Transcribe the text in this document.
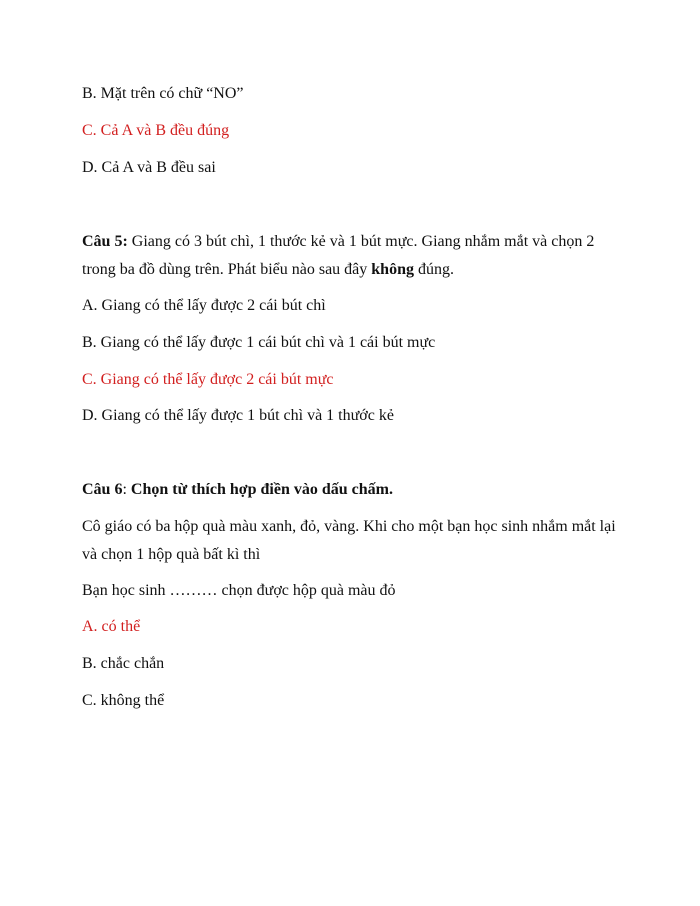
B. Mặt trên có chữ “NO”
C. Cả A và B đều đúng
D. Cả A và B đều sai
Câu 5: Giang có 3 bút chì, 1 thước kẻ và 1 bút mực. Giang nhắm mắt và chọn 2
trong ba đồ dùng trên. Phát biểu nào sau đây không đúng.
A. Giang có thể lấy được 2 cái bút chì
B. Giang có thể lấy được 1 cái bút chì và 1 cái bút mực
C. Giang có thể lấy được 2 cái bút mực
D. Giang có thể lấy được 1 bút chì và 1 thước kẻ
Câu 6: Chọn từ thích hợp điền vào dấu chấm.
Cô giáo có ba hộp quà màu xanh, đỏ, vàng. Khi cho một bạn học sinh nhắm mắt lại
và chọn 1 hộp quà bất kì thì
Bạn học sinh ……… chọn được hộp quà màu đỏ
A. có thể
B. chắc chắn
C. không thể
